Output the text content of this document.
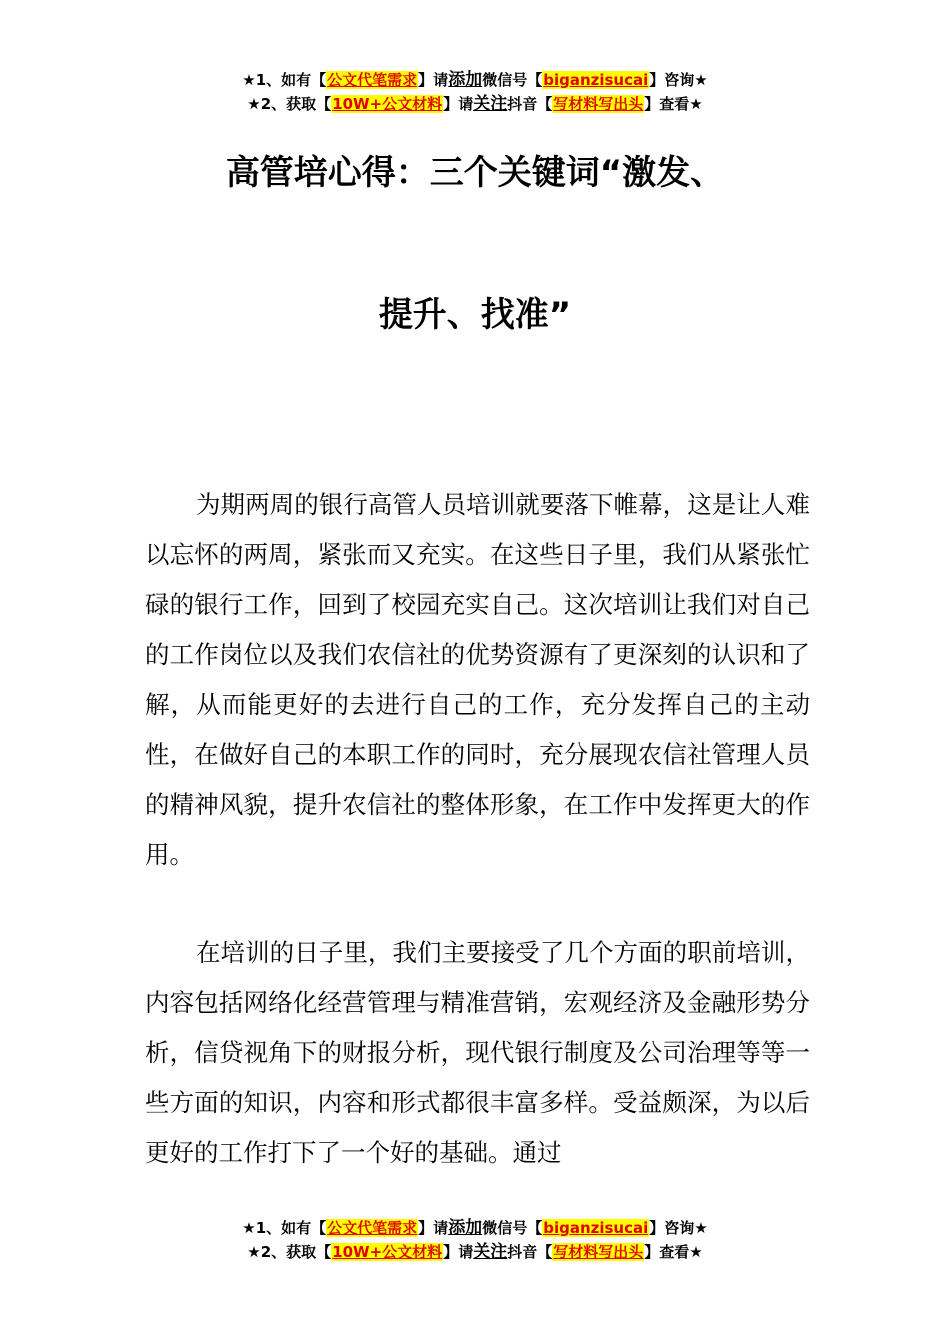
★1、如有【公文代笔需求】请添加微信号【biganzisucai】咨询★
★2、获取【10W+公文材料】请关注抖音【写材料写出头】查看★
高管培心得：三个关键词“激发、
提升、找准”

为期两周的银行高管人员培训就要落下帷幕，这是让人难以忘怀的两周，紧张而又充实。在这些日子里，我们从紧张忙碌的银行工作，回到了校园充实自己。这次培训让我们对自己的工作岗位以及我们农信社的优势资源有了更深刻的认识和了解，从而能更好的去进行自己的工作，充分发挥自己的主动性，在做好自己的本职工作的同时，充分展现农信社管理人员的精神风貌，提升农信社的整体形象，在工作中发挥更大的作用。

在培训的日子里，我们主要接受了几个方面的职前培训，内容包括网络化经营管理与精准营销，宏观经济及金融形势分析，信贷视角下的财报分析，现代银行制度及公司治理等等一些方面的知识，内容和形式都很丰富多样。受益颇深，为以后更好的工作打下了一个好的基础。通过

★1、如有【公文代笔需求】请添加微信号【biganzisucai】咨询★
★2、获取【10W+公文材料】请关注抖音【写材料写出头】查看★
